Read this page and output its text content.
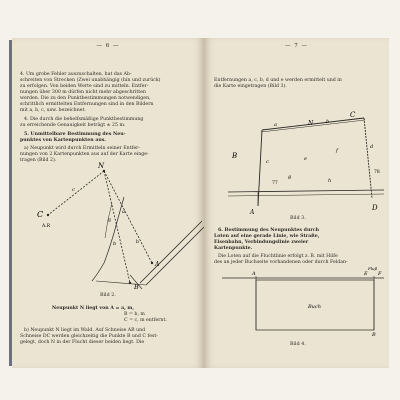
— 6 —
4. Um grobe Fehler auszuschalten, hat das Ab-
schreiten von Strecken (Zwei unabhängig (hin und zurück)
zu erfolgen. Von beiden Werte sind zu mitteln. Entfer-
nungen über 300 m dürfen nicht mehr abgeschritten
werden. Die zu den Punktbestimmungen notwendigen,
schrittlich ermittelten Entfernungen sind in den Bildern
mit a, b, c, usw. bezeichnet.
4. Die durch die behelfsmäßige Punktbestimmung
zu erreichende Genauigkeit beträgt ± 25 m.
5. Unmittelbare Bestimmung des Neu-
punktes von Kartenpunkten aus.
a) Neupunkt wird durch Ermitteln seiner Entfer-
nungen von 2 Kartenpunkten aus auf der Karte einge-
tragen (Bild 2).
N
C
A.R
A
B
c
a
b
g
b
Bild 2.
Neupunkt N liegt von A = a, m,
B = b, m
C = c, m entfernt.
b) Neupunkt N liegt im Wald. Auf Schneise AB und
Schneise DC werden gleichzeitig die Punkte B und C fest-
gelegt, doch N in der Flucht dieser beiden liegt. Die
— 7 —
Entfernungen a, c, b, d und e werden ermittelt und in
die Karte eingetragen (Bild 3).
B
N
C
A
D
a	b
c
d
e
f
g
h
77
78
Bild 3.
6. Bestimmung des Neupunktes durch
Loten auf eine gerade Linie, wie Straße,
Eisenbahn, Verbindungslinie zweier
Kartenpunkte.
Die Loten auf die Fluchtlinie erfolgt z. B. mit Hilfe
des an jeder Buchseite vorhandenen oder durch Feldan-
A	E F
B
Fluß
Buch
Bild 4.
